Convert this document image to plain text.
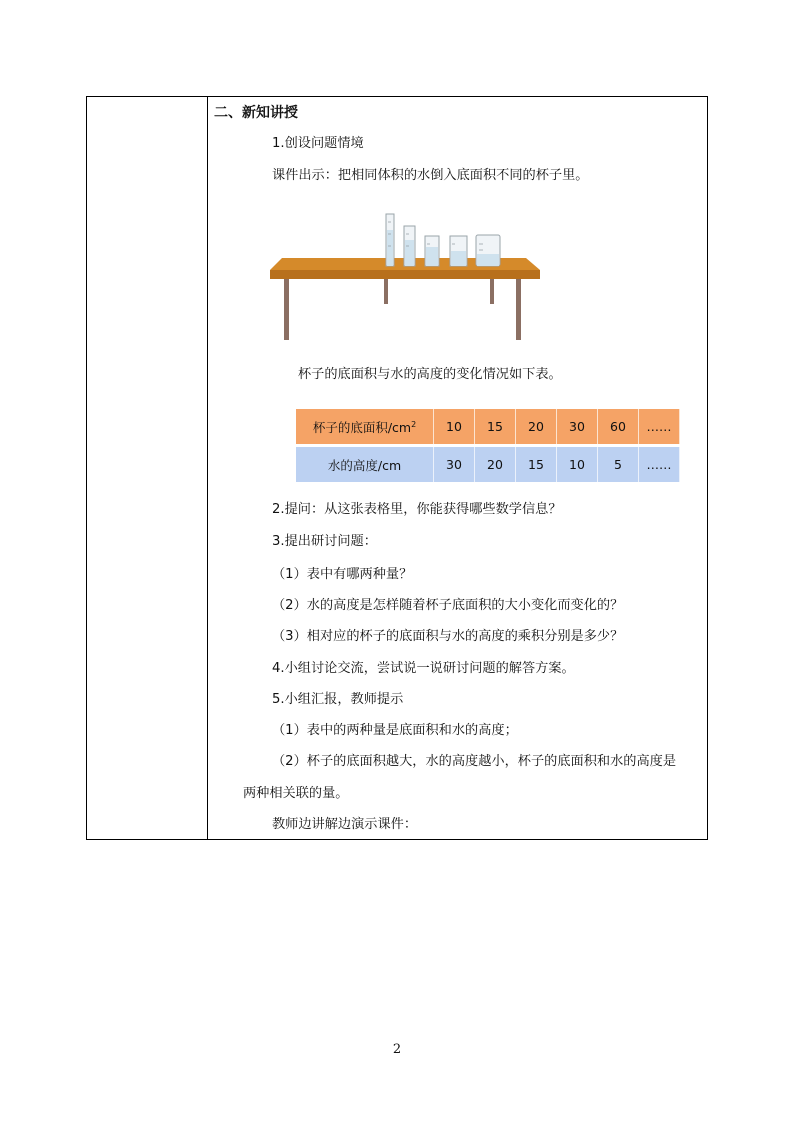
二、新知讲授
1.创设问题情境
课件出示：把相同体积的水倒入底面积不同的杯子里。
杯子的底面积与水的高度的变化情况如下表。
杯子的底面积$/cm^2$	10	15	20	30	60	……
水的高度/cm	30	20	15	10	5	……
2.提问：从这张表格里，你能获得哪些数学信息？
3.提出研讨问题：
（1）表中有哪两种量？
（2）水的高度是怎样随着杯子底面积的大小变化而变化的？
（3）相对应的杯子的底面积与水的高度的乘积分别是多少？
4.小组讨论交流，尝试说一说研讨问题的解答方案。
5.小组汇报，教师提示
（1）表中的两种量是底面积和水的高度；
（2）杯子的底面积越大，水的高度越小，杯子的底面积和水的高度是
两种相关联的量。
教师边讲解边演示课件：
2
